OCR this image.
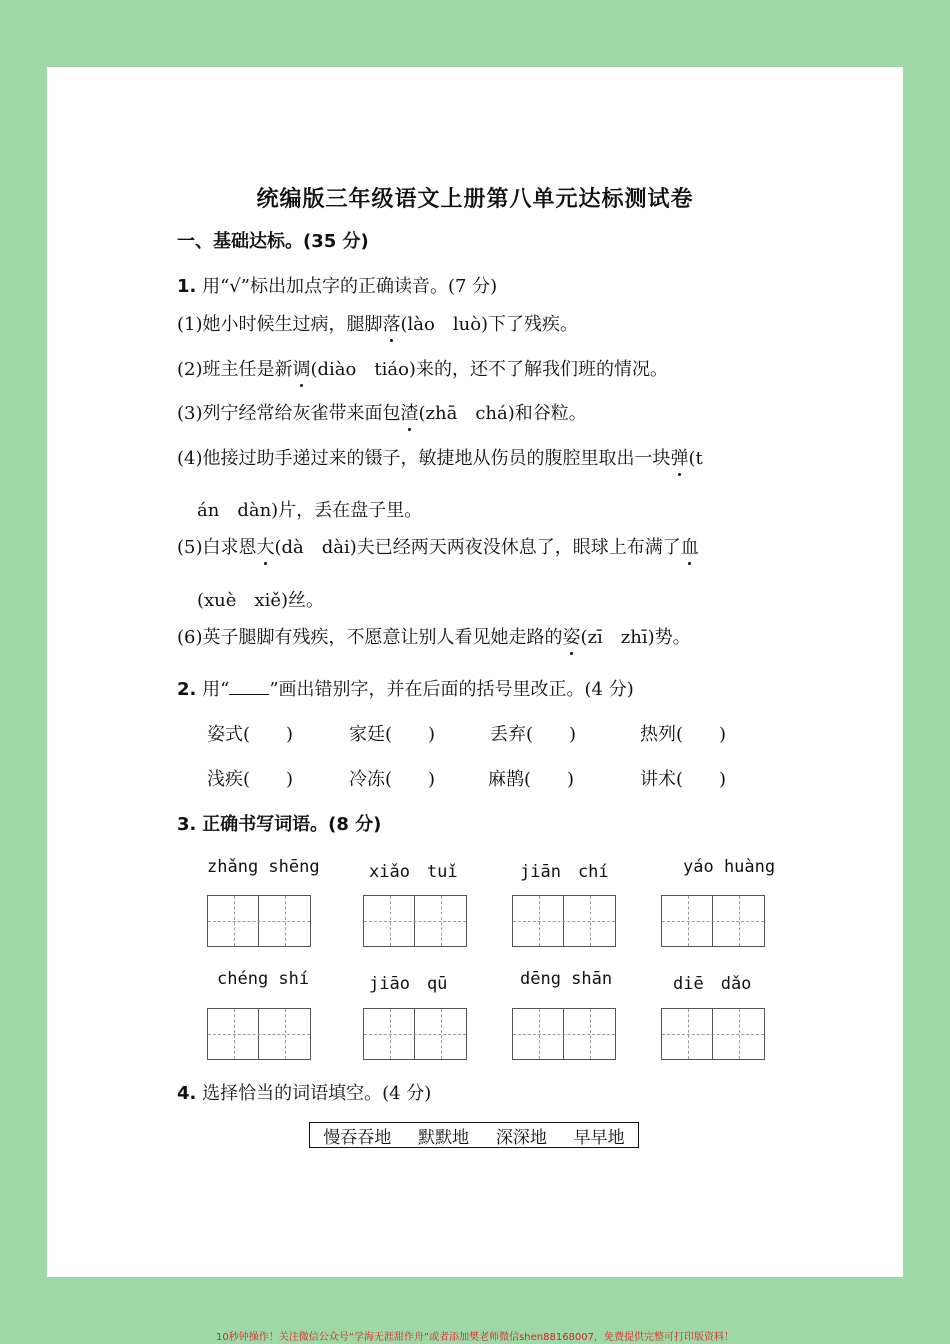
统编版三年级语文上册第八单元达标测试卷
一、基础达标。(35 分)
1. 用“√”标出加点字的正确读音。(7 分)
(1)她小时候生过病，腿脚落(lào　luò)下了残疾。
(2)班主任是新调(diào　tiáo)来的，还不了解我们班的情况。
(3)列宁经常给灰雀带来面包渣(zhā　chá)和谷粒。
(4)他接过助手递过来的镊子，敏捷地从伤员的腹腔里取出一块弹(t
án　dàn)片，丢在盘子里。
(5)白求恩大(dà　dài)夫已经两天两夜没休息了，眼球上布满了血
(xuè　xiě)丝。
(6)英子腿脚有残疾，不愿意让别人看见她走路的姿(zī　zhī)势。
2. 用“ ”画出错别字，并在后面的括号里改正。(4 分)
姿式(　　)	家廷(　　)	丢弃(　　)	热列(　　)
浅疾(　　)	冷冻(　　)	麻鹊(　　)	讲术(　　)
3. 正确书写词语。(8 分)
zhǎng shēng	xiǎo　tuǐ	jiān　chí	yáo huàng
chéng shí	jiāo　qū	dēng shān	diē　dǎo
4. 选择恰当的词语填空。(4 分)
慢吞吞地 默默地 深深地 早早地
10秒钟操作！关注微信公众号“学海无涯甜作舟”或者添加樊老师微信shen88168007，免费提供完整可打印版资料！
